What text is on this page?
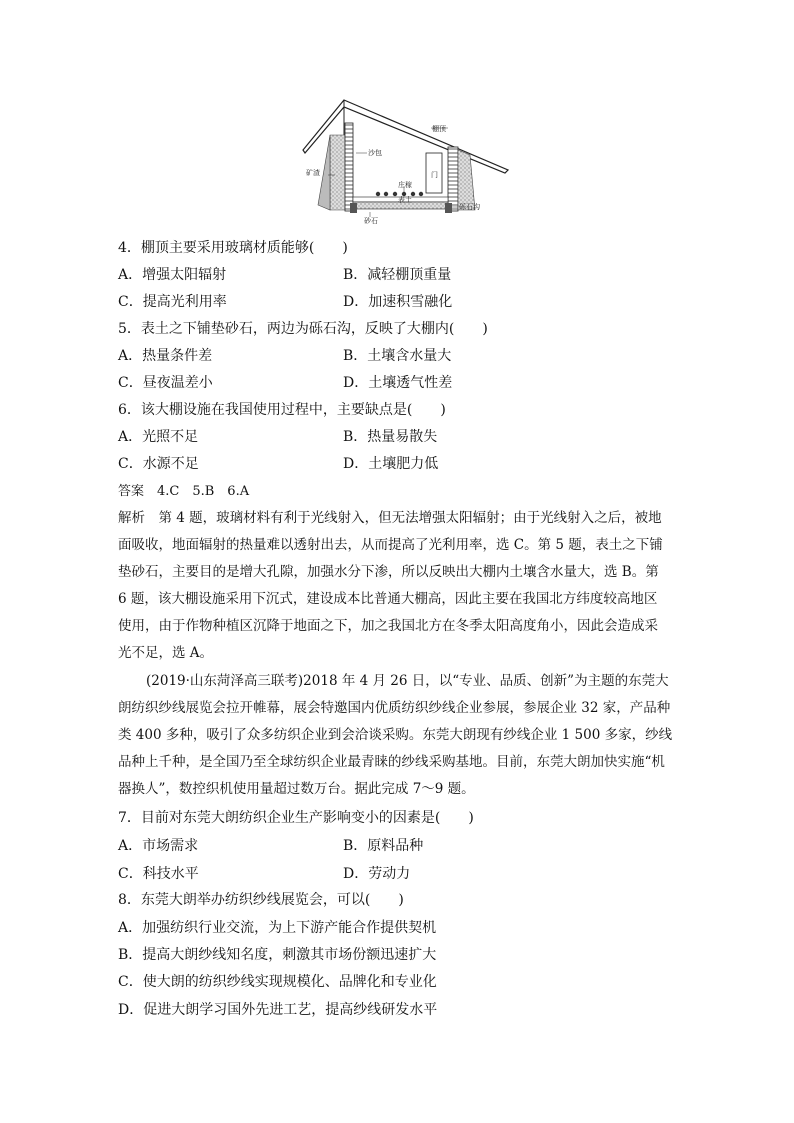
棚顶
沙包
矿渣
庄稼
门
表土
砾石沟
砂石
4．棚顶主要采用玻璃材质能够(　　)
A．增强太阳辐射	B．减轻棚顶重量
C．提高光利用率	D．加速积雪融化
5．表土之下铺垫砂石，两边为砾石沟，反映了大棚内(　　)
A．热量条件差	B．土壤含水量大
C．昼夜温差小	D．土壤透气性差
6．该大棚设施在我国使用过程中，主要缺点是(　　)
A．光照不足	B．热量易散失
C．水源不足	D．土壤肥力低
答案　4.C　5.B　6.A
解析　第 4 题，玻璃材料有利于光线射入，但无法增强太阳辐射；由于光线射入之后，被地
面吸收，地面辐射的热量难以透射出去，从而提高了光利用率，选 C。第 5 题，表土之下铺
垫砂石，主要目的是增大孔隙，加强水分下渗，所以反映出大棚内土壤含水量大，选 B。第
6 题，该大棚设施采用下沉式，建设成本比普通大棚高，因此主要在我国北方纬度较高地区
使用，由于作物种植区沉降于地面之下，加之我国北方在冬季太阳高度角小，因此会造成采
光不足，选 A。
(2019·山东菏泽高三联考)2018 年 4 月 26 日，以“专业、品质、创新”为主题的东莞大
朗纺织纱线展览会拉开帷幕，展会特邀国内优质纺织纱线企业参展，参展企业 32 家，产品种
类 400 多种，吸引了众多纺织企业到会洽谈采购。东莞大朗现有纱线企业 1 500 多家，纱线
品种上千种，是全国乃至全球纺织企业最青睐的纱线采购基地。目前，东莞大朗加快实施“机
器换人”，数控织机使用量超过数万台。据此完成 7～9 题。
7．目前对东莞大朗纺织企业生产影响变小的因素是(　　)
A．市场需求	B．原料品种
C．科技水平	D．劳动力
8．东莞大朗举办纺织纱线展览会，可以(　　)
A．加强纺织行业交流，为上下游产能合作提供契机
B．提高大朗纱线知名度，刺激其市场份额迅速扩大
C．使大朗的纺织纱线实现规模化、品牌化和专业化
D．促进大朗学习国外先进工艺，提高纱线研发水平
